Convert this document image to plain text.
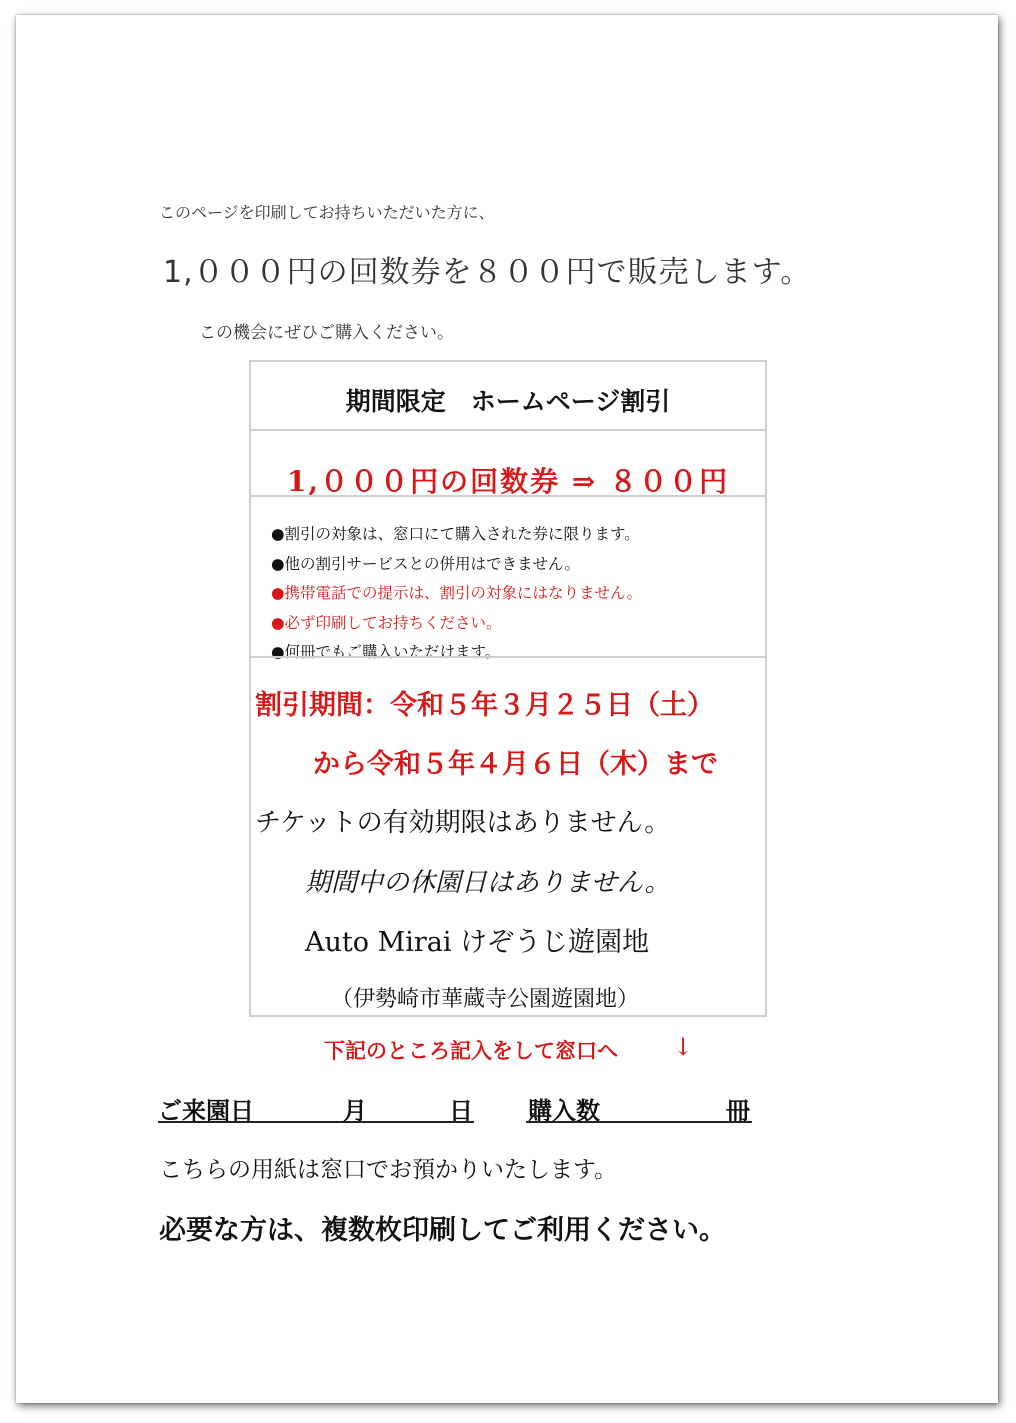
このページを印刷してお持ちいただいた方に、
1,０００円の回数券を８００円で販売します。
この機会にぜひご購入ください。
期間限定　ホームページ割引
1,０００円の回数券 ⇒ ８００円
●割引の対象は、窓口にて購入された券に限ります。
●他の割引サービスとの併用はできません。
●携帯電話での提示は、割引の対象にはなりません。
●必ず印刷してお持ちください。
●何冊でもご購入いただけます。
割引期間：令和５年３月２５日（土）
から令和５年４月６日（木）まで
チケットの有効期限はありません。
期間中の休園日はありません。
Auto Mirai けぞうじ遊園地
（伊勢崎市華蔵寺公園遊園地）
下記のところ記入をして窓口へ ↓
ご来園日	月	日 購入数	冊
こちらの用紙は窓口でお預かりいたします。
必要な方は、複数枚印刷してご利用ください。
